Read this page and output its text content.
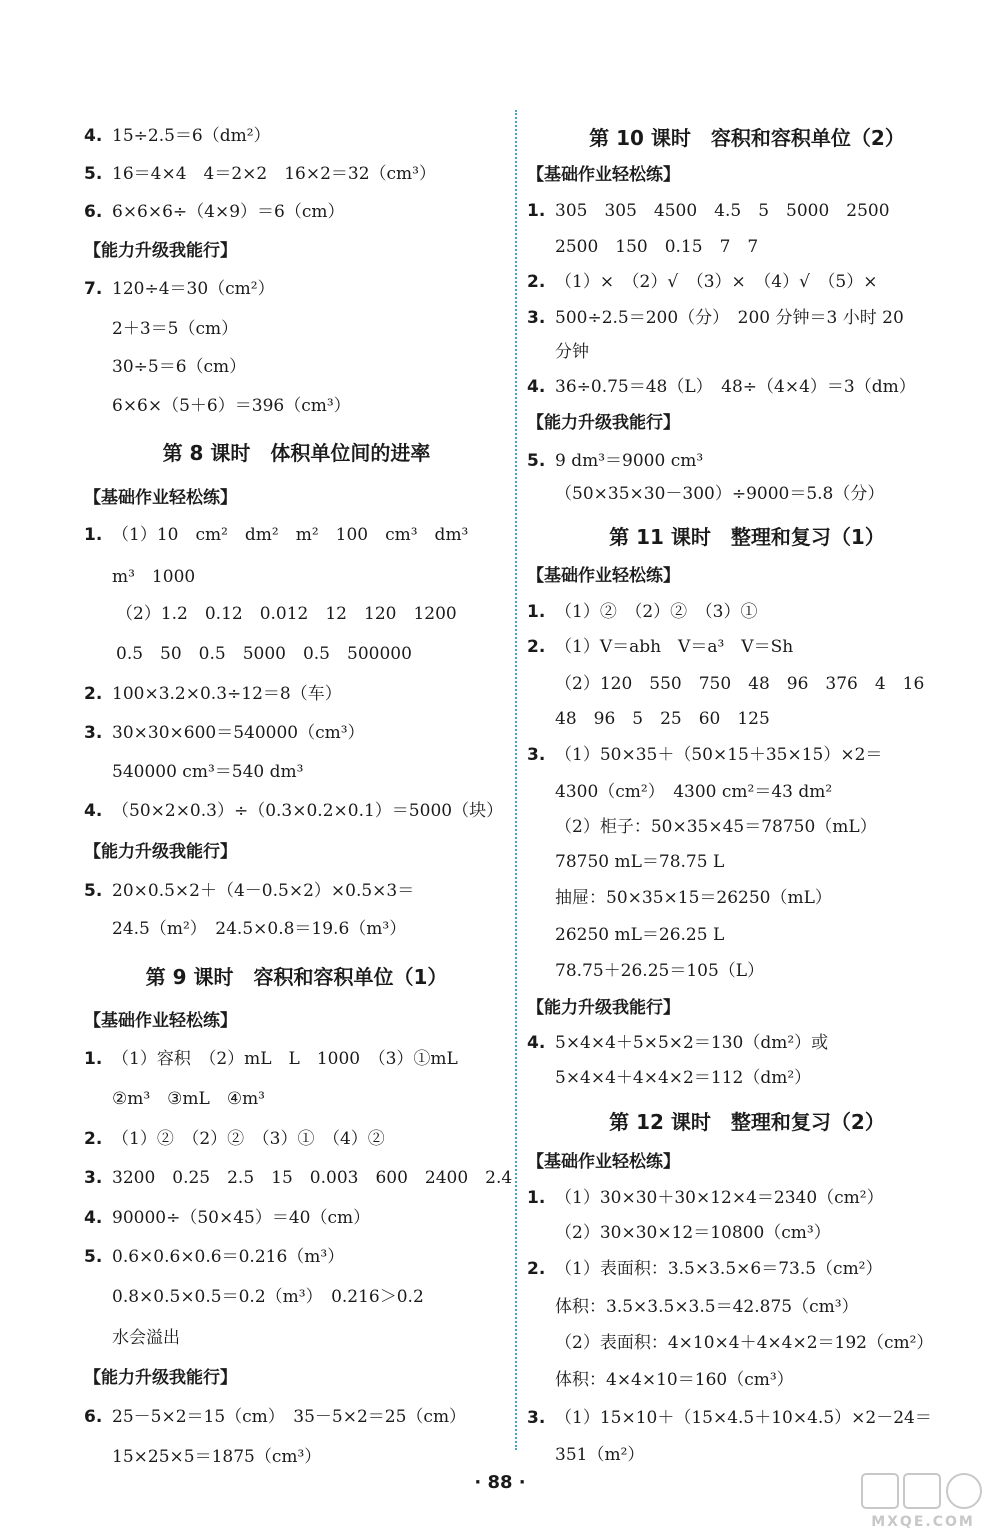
4. 15÷2.5＝6（dm²）
5. 16＝4×4　4＝2×2　16×2＝32（cm³）
6. 6×6×6÷（4×9）＝6（cm）
【能力升级我能行】
7. 120÷4＝30（cm²）
2＋3＝5（cm）
30÷5＝6（cm）
6×6×（5＋6）＝396（cm³）
第 8 课时　体积单位间的进率
【基础作业轻松练】
1. （1）10　cm²　dm²　m²　100　cm³　dm³
m³　1000
（2）1.2　0.12　0.012　12　120　1200
0.5　50　0.5　5000　0.5　500000
2. 100×3.2×0.3÷12＝8（车）
3. 30×30×600＝540000（cm³）
540000 cm³＝540 dm³
4. （50×2×0.3）÷（0.3×0.2×0.1）＝5000（块）
【能力升级我能行】
5. 20×0.5×2＋（4－0.5×2）×0.5×3＝
24.5（m²）　24.5×0.8＝19.6（m³）
第 9 课时　容积和容积单位（1）
【基础作业轻松练】
1. （1）容积　（2）mL　L　1000　（3）①mL
②m³　③mL　④m³
2. （1）②　（2）②　（3）①　（4）②
3. 3200　0.25　2.5　15　0.003　600　2400　2.4
4. 90000÷（50×45）＝40（cm）
5. 0.6×0.6×0.6＝0.216（m³）
0.8×0.5×0.5＝0.2（m³）　0.216＞0.2
水会溢出
【能力升级我能行】
6. 25－5×2＝15（cm）　35－5×2＝25（cm）
15×25×5＝1875（cm³）
第 10 课时　容积和容积单位（2）
【基础作业轻松练】
1. 305　305　4500　4.5　5　5000　2500
2500　150　0.15　7　7
2. （1）×　（2）√　（3）×　（4）√　（5）×
3. 500÷2.5＝200（分）　200 分钟＝3 小时 20
分钟
4. 36÷0.75＝48（L）　48÷（4×4）＝3（dm）
【能力升级我能行】
5. 9 dm³＝9000 cm³
（50×35×30－300）÷9000＝5.8（分）
第 11 课时　整理和复习（1）
【基础作业轻松练】
1. （1）②　（2）②　（3）①
2. （1）V＝abh　V＝a³　V＝Sh
（2）120　550　750　48　96　376　4　16
48　96　5　25　60　125
3. （1）50×35＋（50×15＋35×15）×2＝
4300（cm²）　4300 cm²＝43 dm²
（2）柜子：50×35×45＝78750（mL）
78750 mL＝78.75 L
抽屉：50×35×15＝26250（mL）
26250 mL＝26.25 L
78.75＋26.25＝105（L）
【能力升级我能行】
4. 5×4×4＋5×5×2＝130（dm²）或
5×4×4＋4×4×2＝112（dm²）
第 12 课时　整理和复习（2）
【基础作业轻松练】
1. （1）30×30＋30×12×4＝2340（cm²）
（2）30×30×12＝10800（cm³）
2. （1）表面积：3.5×3.5×6＝73.5（cm²）
体积：3.5×3.5×3.5＝42.875（cm³）
（2）表面积：4×10×4＋4×4×2＝192（cm²）
体积：4×4×10＝160（cm³）
3. （1）15×10＋（15×4.5＋10×4.5）×2－24＝
351（m²）
· 88 ·
MXQE.COM
